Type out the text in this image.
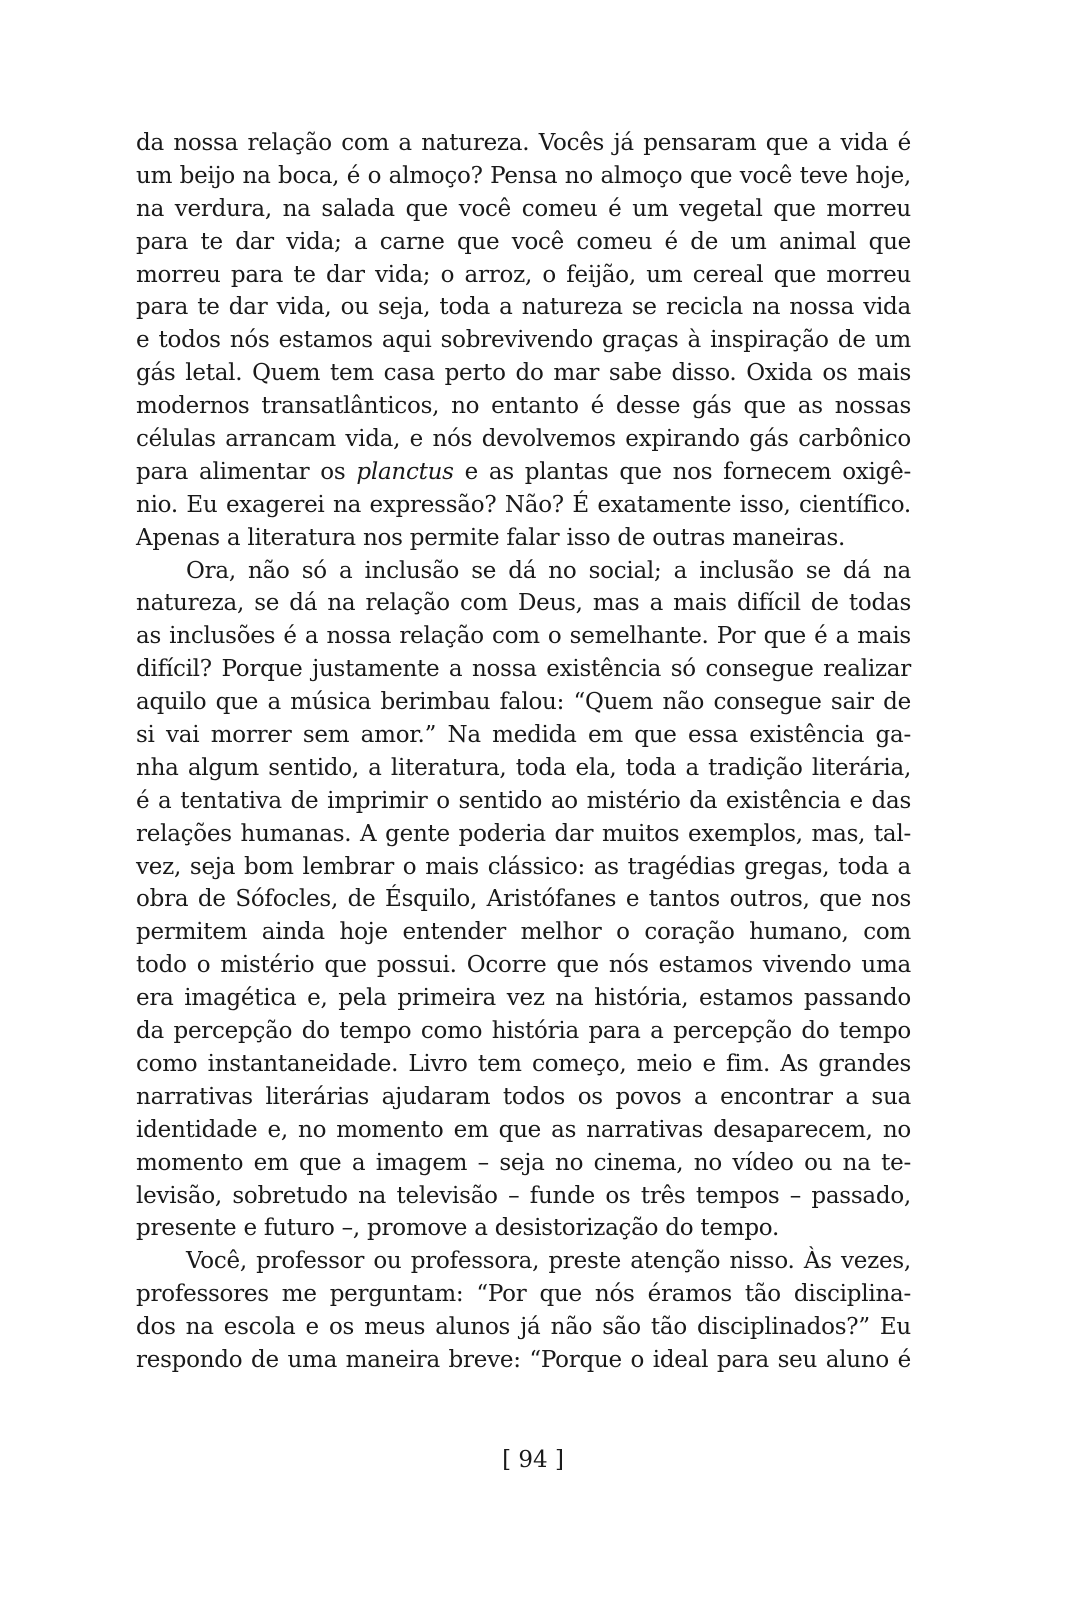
da nossa relação com a natureza. Vocês já pensaram que a vida é
um beijo na boca, é o almoço? Pensa no almoço que você teve hoje,
na verdura, na salada que você comeu é um vegetal que morreu
para te dar vida; a carne que você comeu é de um animal que
morreu para te dar vida; o arroz, o feijão, um cereal que morreu
para te dar vida, ou seja, toda a natureza se recicla na nossa vida
e todos nós estamos aqui sobrevivendo graças à inspiração de um
gás letal. Quem tem casa perto do mar sabe disso. Oxida os mais
modernos transatlânticos, no entanto é desse gás que as nossas
células arrancam vida, e nós devolvemos expirando gás carbônico
para alimentar os planctus e as plantas que nos fornecem oxigê-
nio. Eu exagerei na expressão? Não? É exatamente isso, científico.
Apenas a literatura nos permite falar isso de outras maneiras.
Ora, não só a inclusão se dá no social; a inclusão se dá na
natureza, se dá na relação com Deus, mas a mais difícil de todas
as inclusões é a nossa relação com o semelhante. Por que é a mais
difícil? Porque justamente a nossa existência só consegue realizar
aquilo que a música berimbau falou: “Quem não consegue sair de
si vai morrer sem amor.” Na medida em que essa existência ga-
nha algum sentido, a literatura, toda ela, toda a tradição literária,
é a tentativa de imprimir o sentido ao mistério da existência e das
relações humanas. A gente poderia dar muitos exemplos, mas, tal-
vez, seja bom lembrar o mais clássico: as tragédias gregas, toda a
obra de Sófocles, de Ésquilo, Aristófanes e tantos outros, que nos
permitem ainda hoje entender melhor o coração humano, com
todo o mistério que possui. Ocorre que nós estamos vivendo uma
era imagética e, pela primeira vez na história, estamos passando
da percepção do tempo como história para a percepção do tempo
como instantaneidade. Livro tem começo, meio e fim. As grandes
narrativas literárias ajudaram todos os povos a encontrar a sua
identidade e, no momento em que as narrativas desaparecem, no
momento em que a imagem – seja no cinema, no vídeo ou na te-
levisão, sobretudo na televisão – funde os três tempos – passado,
presente e futuro –, promove a desistorização do tempo.
Você, professor ou professora, preste atenção nisso. Às vezes,
professores me perguntam: “Por que nós éramos tão disciplina-
dos na escola e os meus alunos já não são tão disciplinados?” Eu
respondo de uma maneira breve: “Porque o ideal para seu aluno é
[ 94 ]
